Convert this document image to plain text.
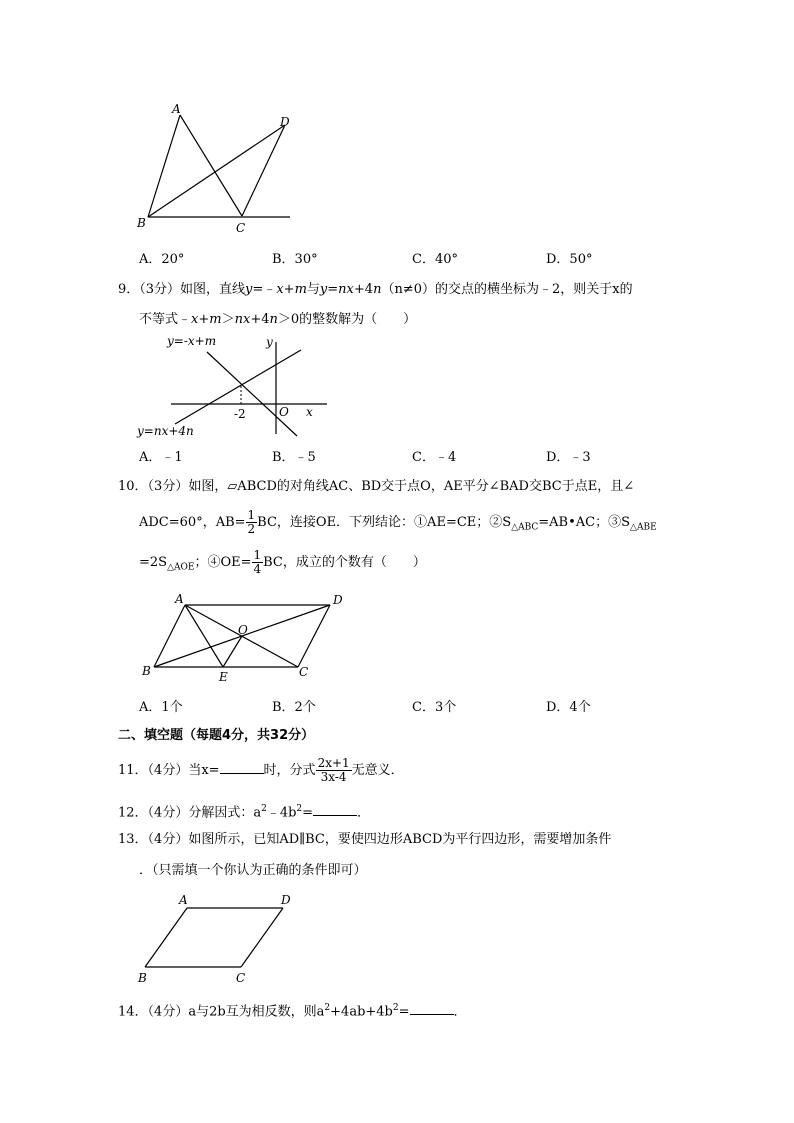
A
B	C
D
A．20°	B．30°	C．40°	D．50°
9．（3分）如图，直线y=﹣x+m与y=nx+4n（n≠0）的交点的横坐标为﹣2，则关于x的
不等式﹣x+m＞nx+4n＞0的整数解为（　　）
y=-x+m
y=nx+4n
y
x
O
-2
A．﹣1	B．﹣5	C．﹣4	D．﹣3
10．（3分）如图，▱ABCD的对角线AC、BD交于点O，AE平分∠BAD交BC于点E，且∠
ADC=60°，$AB= \frac{1}{2}$ BC，连接OE．下列结论：①AE=CE；$②S_{\triangle ABC}=AB•AC$；$③S_{\triangle ABE}$
$=2S_{\triangle AOE}$；④OE= $\frac{1}{4}$ BC，成立的个数有（　　）
A	D
O
B	E	C
A．1个	B．2个	C．3个	D．4个
二、填空题（每题4分，共32分）
11．（4分）当x=	时，分式 $\frac{2x+1}{3x-4}$ 无意义．
12．（4分）分解因式：$a^2﹣4b^2=$	．
13．（4分）如图所示，已知AD∥BC，要使四边形ABCD为平行四边形，需要增加条件
．（只需填一个你认为正确的条件即可）
A	D
B	C
14．（4分）a与2b互为相反数，则$a^2+4ab+4b^2=$	．
